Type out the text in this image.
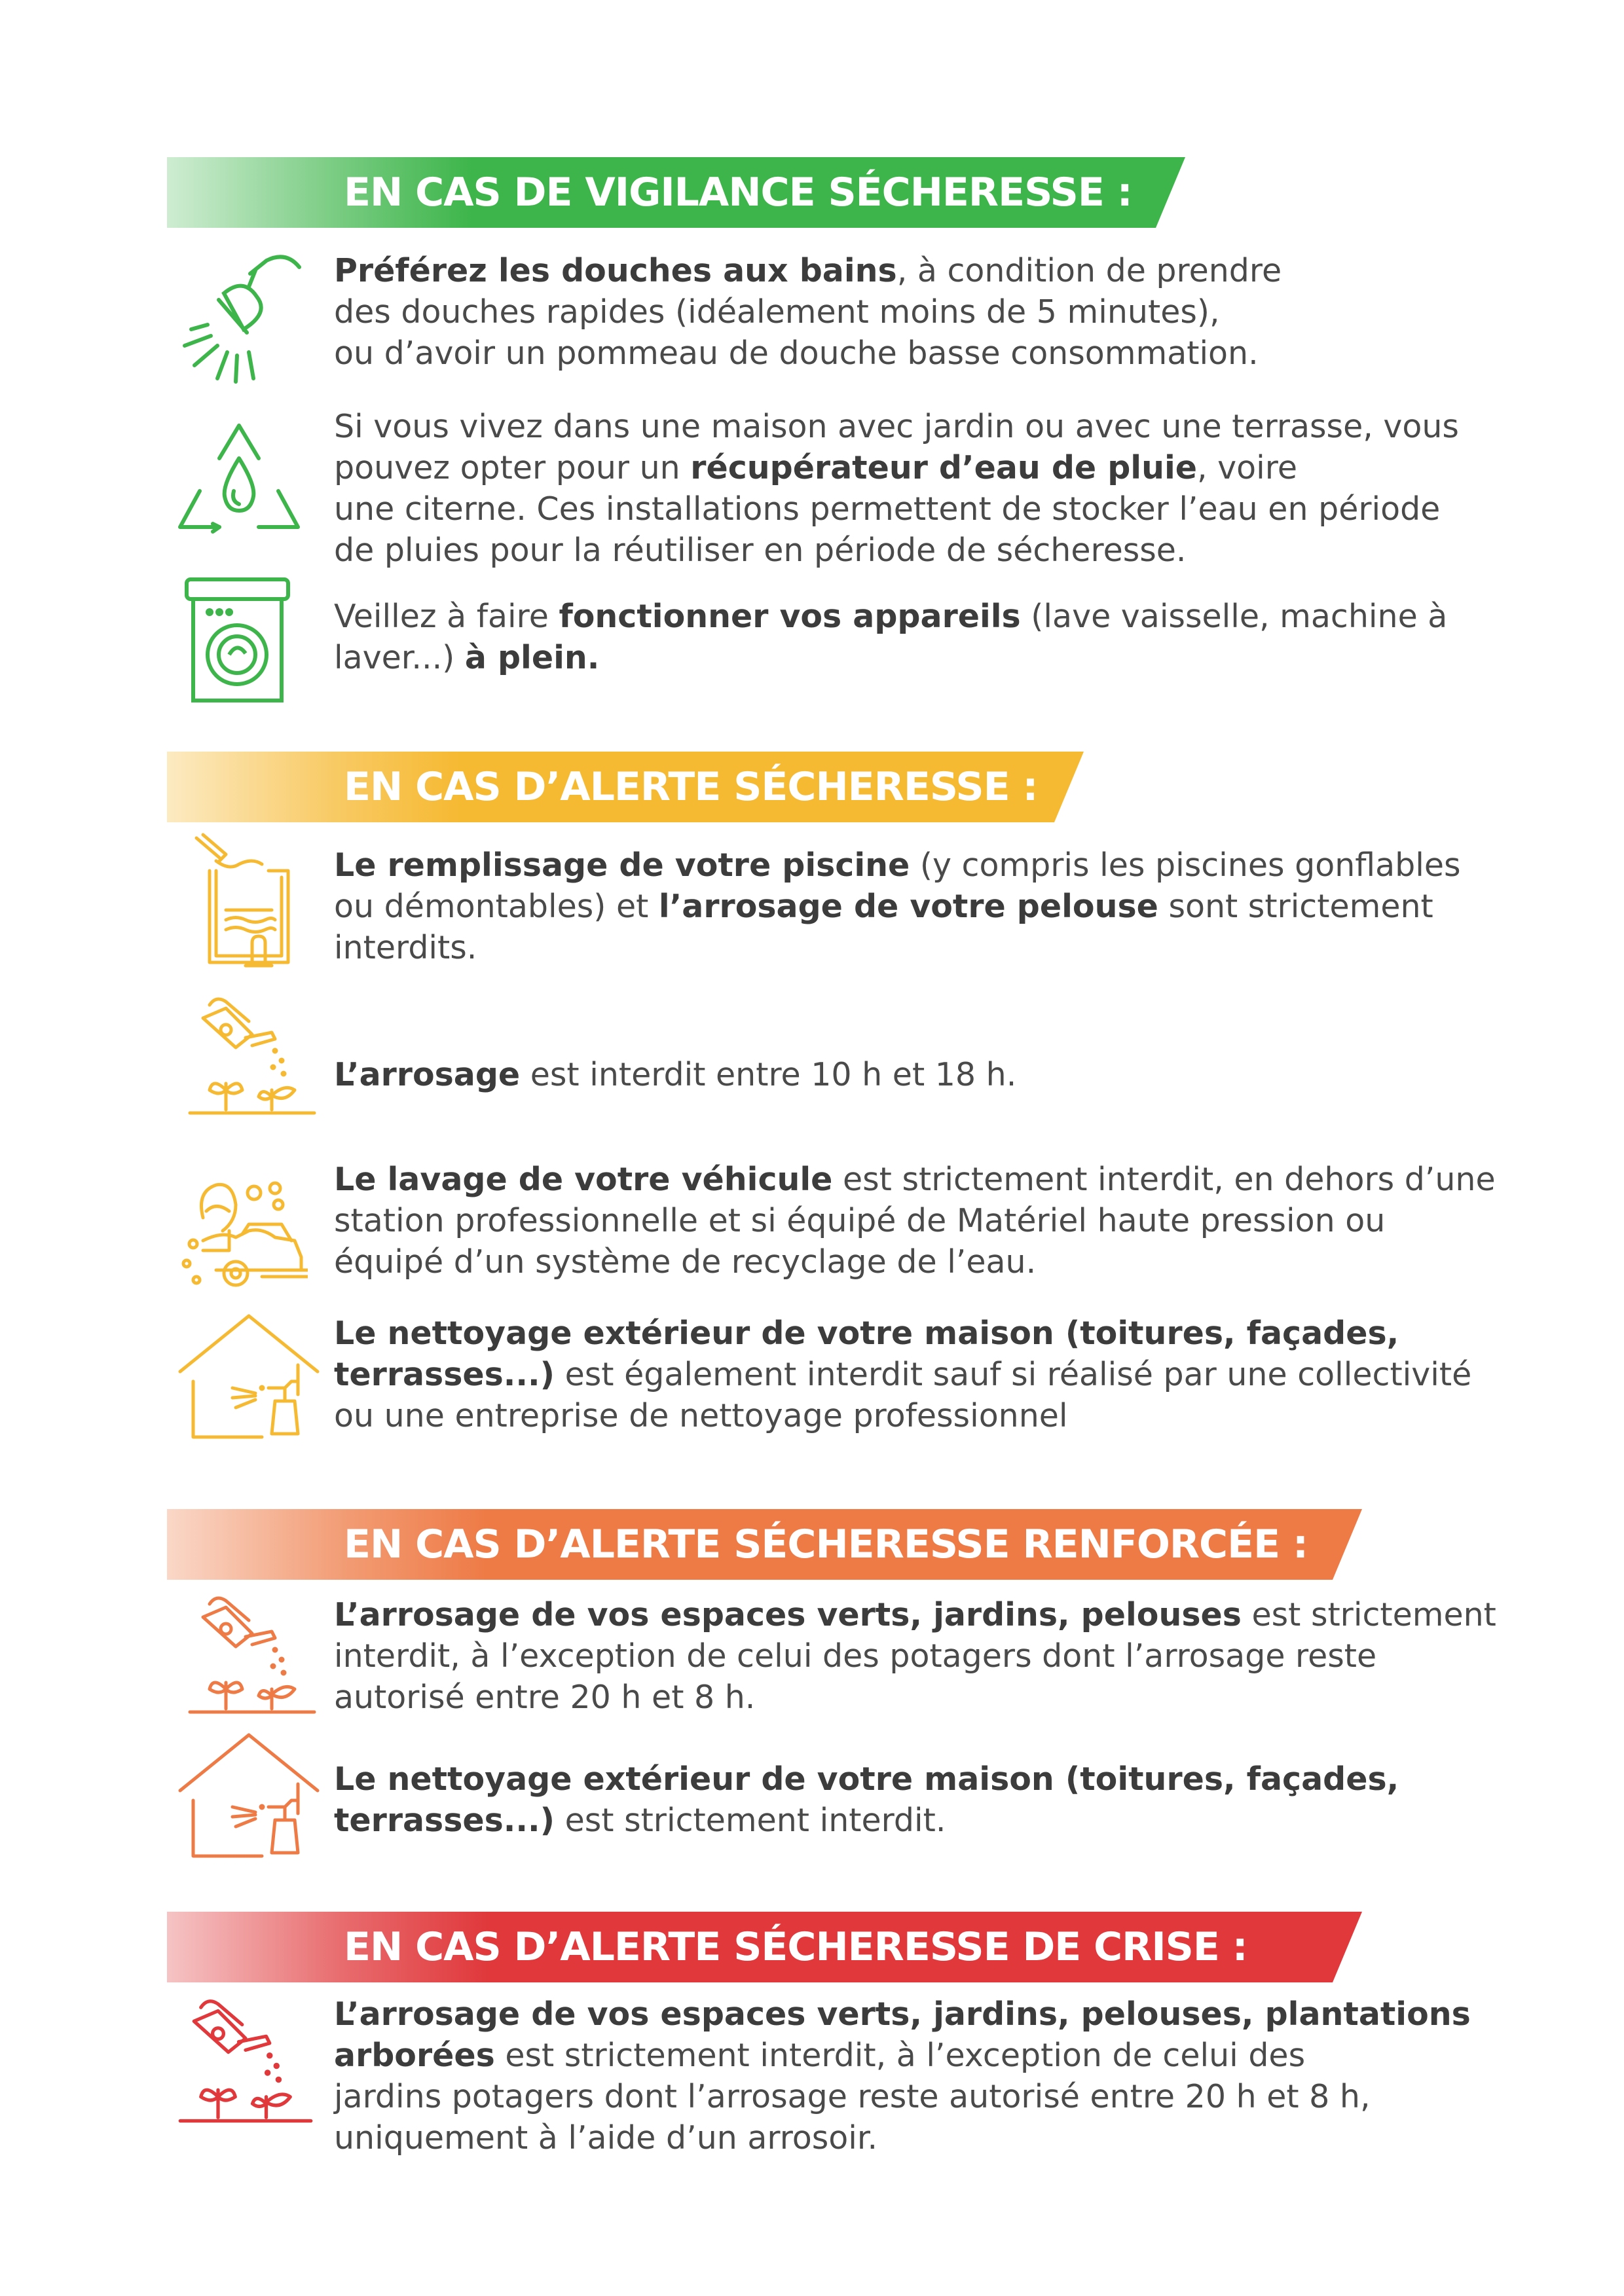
EN CAS DE VIGILANCE SÉCHERESSE :
Préférez les douches aux bains, à condition de prendre
des douches rapides (idéalement moins de 5 minutes),
ou d’avoir un pommeau de douche basse consommation.
Si vous vivez dans une maison avec jardin ou avec une terrasse, vous
pouvez opter pour un récupérateur d’eau de pluie, voire
une citerne. Ces installations permettent de stocker l’eau en période
de pluies pour la réutiliser en période de sécheresse.
Veillez à faire fonctionner vos appareils (lave vaisselle, machine à
laver...) à plein.
EN CAS D’ALERTE SÉCHERESSE :
Le remplissage de votre piscine (y compris les piscines gonflables
ou démontables) et l’arrosage de votre pelouse sont strictement
interdits.
L’arrosage est interdit entre 10 h et 18 h.
Le lavage de votre véhicule est strictement interdit, en dehors d’une
station professionnelle et si équipé de Matériel haute pression ou
équipé d’un système de recyclage de l’eau.
Le nettoyage extérieur de votre maison (toitures, façades,
terrasses...) est également interdit sauf si réalisé par une collectivité
ou une entreprise de nettoyage professionnel
EN CAS D’ALERTE SÉCHERESSE RENFORCÉE :
L’arrosage de vos espaces verts, jardins, pelouses est strictement
interdit, à l’exception de celui des potagers dont l’arrosage reste
autorisé entre 20 h et 8 h.
Le nettoyage extérieur de votre maison (toitures, façades,
terrasses...) est strictement interdit.
EN CAS D’ALERTE SÉCHERESSE DE CRISE :
L’arrosage de vos espaces verts, jardins, pelouses, plantations
arborées est strictement interdit, à l’exception de celui des
jardins potagers dont l’arrosage reste autorisé entre 20 h et 8 h,
uniquement à l’aide d’un arrosoir.
